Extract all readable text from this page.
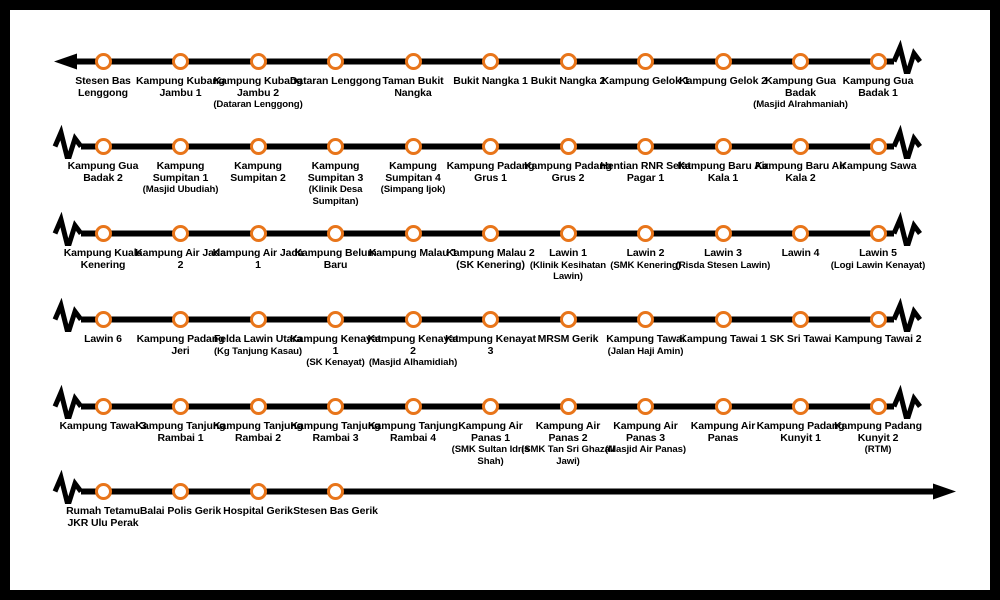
Stesen Bas Lenggong
Kampung Kubang Jambu 1
Kampung Kubang Jambu 2
(Dataran Lenggong)
Dataran Lenggong Taman Bukit Nangka
Bukit Nangka 1 Bukit Nangka 2
Kampung Gelok 1
Kampung Gelok 2
Kampung Gua Badak
(Masjid Alrahmaniah)
Kampung Gua Badak 1
Kampung Gua Badak 2
Kampung Sumpitan 1
(Masjid Ubudiah)
Kampung Sumpitan 2
Kampung Sumpitan 3
(Klinik Desa Sumpitan)
Kampung Sumpitan 4
(Simpang Ijok)
Kampung Padang Grus 1
Kampung Padang Grus 2
Hentian RNR Selat Pagar 1
Kampung Baru Air Kala 1
Kampung Baru Air Kala 2
Kampung Sawa
Kampung Kuala Kenering
Kampung Air Jada 2
Kampung Air Jada 1
Kampung Belum Baru
Kampung Malau 1
Kampung Malau 2 (SK Kenering)
Lawin 1
(Klinik Kesihatan Lawin)
Lawin 2
(SMK Kenering)
Lawin 3
(Risda Stesen Lawin)
Lawin 4	Lawin 5
(Logi Lawin Kenayat)
Lawin 6	Kampung Padang Jeri
Felda Lawin Utara
(Kg Tanjung Kasau)
Kampung Kenayat 1
(SK Kenayat)
Kampung Kenayat 2
(Masjid Alhamidiah)
Kampung Kenayat 3
MRSM Gerik Kampung Tawai
(Jalan Haji Amin)
Kampung Tawai 1 SK Sri Tawai Kampung Tawai 2
Kampung Tawai 3
Kampung Tanjung Rambai 1
Kampung Tanjung Rambai 2
Kampung Tanjung Rambai 3
Kampung Tanjung Rambai 4
Kampung Air Panas 1
(SMK Sultan Idris Shah)
Kampung Air Panas 2
(SMK Tan Sri Ghazali Jawi)
Kampung Air Panas 3
(Masjid Air Panas)
Kampung Air Panas
Kampung Padang Kunyit 1
Kampung Padang Kunyit 2
(RTM)
Rumah Tetamu JKR Ulu Perak
Balai Polis Gerik Hospital Gerik Stesen Bas Gerik
